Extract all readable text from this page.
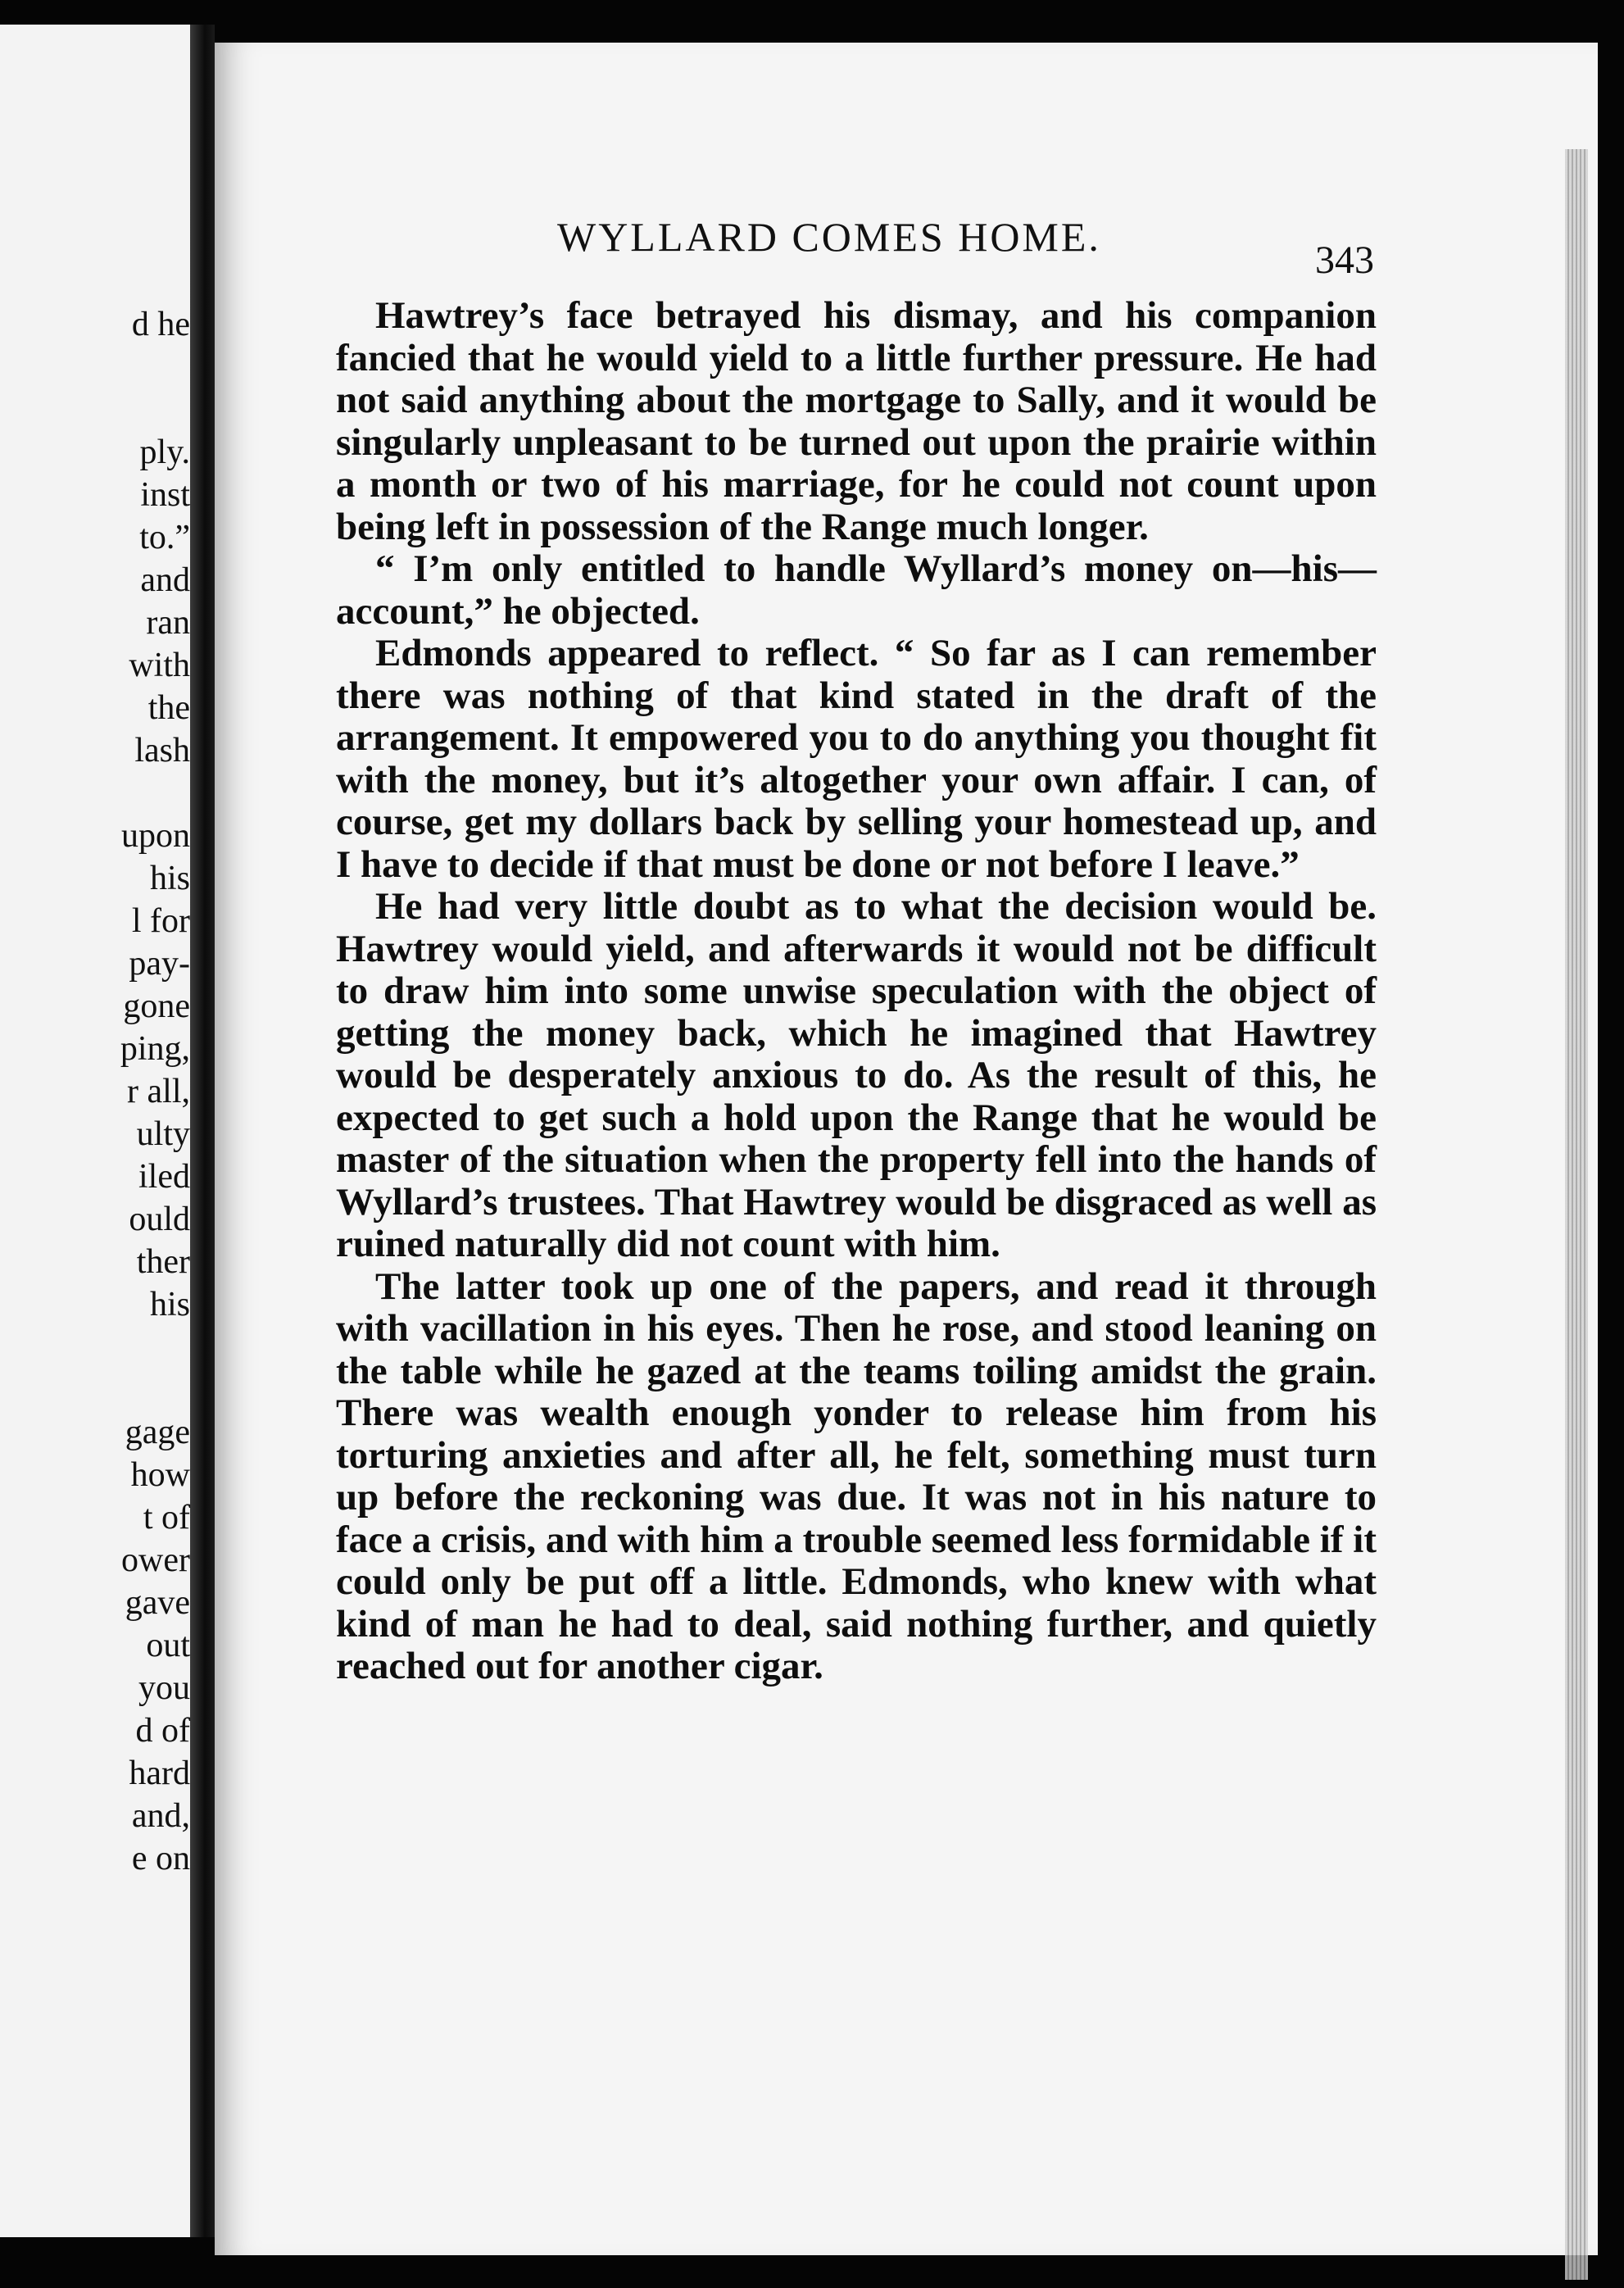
d he

ply.
inst
to.”
and
ran
with
the
lash

upon
his
l for
pay-
gone
ping,
r all,
ulty
iled
ould
ther
his

gage
how
t of
ower
gave
out
you
d of
hard
and,
e on
WYLLARD COMES HOME.
343

Hawtrey’s face betrayed his dismay, and his companion fancied that he would yield to a little further pressure. He had not said anything about the mortgage to Sally, and it would be singularly unpleasant to be turned out upon the prairie within a month or two of his marriage, for he could not count upon being left in possession of the Range much longer.

“ I’m only entitled to handle Wyllard’s money on—his—account,” he objected.

Edmonds appeared to reflect. “ So far as I can remember there was nothing of that kind stated in the draft of the arrangement. It empowered you to do anything you thought fit with the money, but it’s altogether your own affair. I can, of course, get my dollars back by selling your homestead up, and I have to decide if that must be done or not before I leave.”

He had very little doubt as to what the decision would be. Hawtrey would yield, and afterwards it would not be difficult to draw him into some unwise speculation with the object of getting the money back, which he imagined that Hawtrey would be desperately anxious to do. As the result of this, he expected to get such a hold upon the Range that he would be master of the situation when the property fell into the hands of Wyllard’s trustees. That Hawtrey would be disgraced as well as ruined naturally did not count with him.

The latter took up one of the papers, and read it through with vacillation in his eyes. Then he rose, and stood leaning on the table while he gazed at the teams toiling amidst the grain. There was wealth enough yonder to release him from his torturing anxieties and after all, he felt, something must turn up before the reckoning was due. It was not in his nature to face a crisis, and with him a trouble seemed less formidable if it could only be put off a little. Edmonds, who knew with what kind of man he had to deal, said nothing further, and quietly reached out for another cigar.
